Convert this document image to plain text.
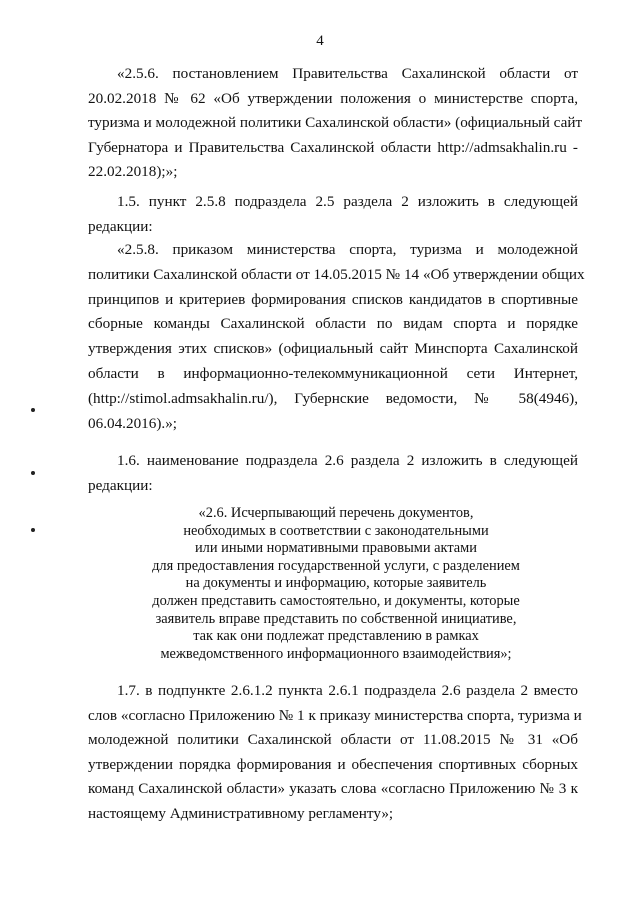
4
«2.5.6. постановлением Правительства Сахалинской области от
20.02.2018 № 62 «Об утверждении положения о министерстве спорта,
туризма и молодежной политики Сахалинской области» (официальный сайт
Губернатора и Правительства Сахалинской области http://admsakhalin.ru -
22.02.2018);»;
1.5. пункт 2.5.8 подраздела 2.5 раздела 2 изложить в следующей
редакции:
«2.5.8. приказом министерства спорта, туризма и молодежной
политики Сахалинской области от 14.05.2015 № 14 «Об утверждении общих
принципов и критериев формирования списков кандидатов в спортивные
сборные команды Сахалинской области по видам спорта и порядке
утверждения этих списков» (официальный сайт Минспорта Сахалинской
области в информационно-телекоммуникационной сети Интернет,
(http://stimol.admsakhalin.ru/), Губернские ведомости, № 58(4946),
06.04.2016).»;
1.6. наименование подраздела 2.6 раздела 2 изложить в следующей
редакции:
«2.6. Исчерпывающий перечень документов,
необходимых в соответствии с законодательными
или иными нормативными правовыми актами
для предоставления государственной услуги, с разделением
на документы и информацию, которые заявитель
должен представить самостоятельно, и документы, которые
заявитель вправе представить по собственной инициативе,
так как они подлежат представлению в рамках
межведомственного информационного взаимодействия»;
1.7. в подпункте 2.6.1.2 пункта 2.6.1 подраздела 2.6 раздела 2 вместо
слов «согласно Приложению № 1 к приказу министерства спорта, туризма и
молодежной политики Сахалинской области от 11.08.2015 № 31 «Об
утверждении порядка формирования и обеспечения спортивных сборных
команд Сахалинской области» указать слова «согласно Приложению № 3 к
настоящему Административному регламенту»;
